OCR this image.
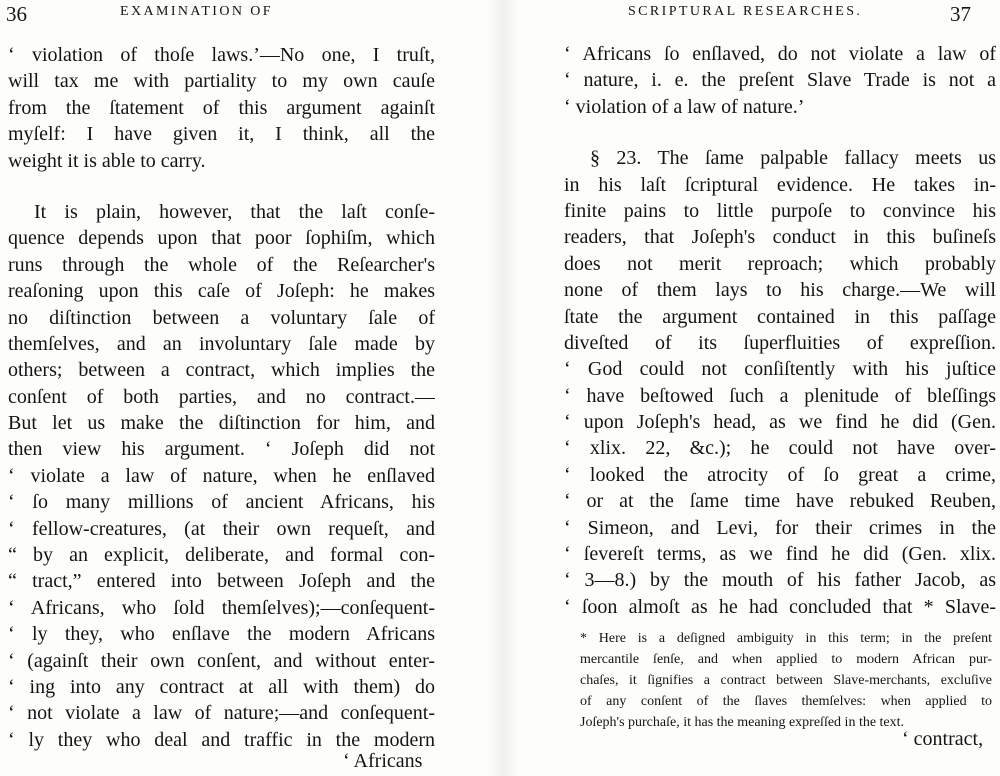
36	EXAMINATION OF
‘ violation of thoſe laws.’—No one, I truſt,
will tax me with partiality to my own cauſe
from the ſtatement of this argument againſt
myſelf: I have given it, I think, all the
weight it is able to carry.
It is plain, however, that the laſt conſe-
quence depends upon that poor ſophiſm, which
runs through the whole of the Reſearcher's
reaſoning upon this caſe of Joſeph: he makes
no diſtinction between a voluntary ſale of
themſelves, and an involuntary ſale made by
others; between a contract, which implies the
conſent of both parties, and no contract.—
But let us make the diſtinction for him, and
then view his argument. ‘ Joſeph did not
‘ violate a law of nature, when he enſlaved
‘ ſo many millions of ancient Africans, his
‘ fellow-creatures, (at their own requeſt, and
“ by an explicit, deliberate, and formal con-
“ tract,” entered into between Joſeph and the
‘ Africans, who ſold themſelves);—conſequent-
‘ ly they, who enſlave the modern Africans
‘ (againſt their own conſent, and without enter-
‘ ing into any contract at all with them) do
‘ not violate a law of nature;—and conſequent-
‘ ly they who deal and traffic in the modern
‘ Africans
SCRIPTURAL RESEARCHES.	37
‘ Africans ſo enſlaved, do not violate a law of
‘ nature, i. e. the preſent Slave Trade is not a
‘ violation of a law of nature.’
§ 23. The ſame palpable fallacy meets us
in his laſt ſcriptural evidence. He takes in-
finite pains to little purpoſe to convince his
readers, that Joſeph's conduct in this buſineſs
does not merit reproach; which probably
none of them lays to his charge.—We will
ſtate the argument contained in this paſſage
diveſted of its ſuperfluities of expreſſion.
‘ God could not conſiſtently with his juſtice
‘ have beſtowed ſuch a plenitude of bleſſings
‘ upon Joſeph's head, as we find he did (Gen.
‘ xlix. 22, &c.); he could not have over-
‘ looked the atrocity of ſo great a crime,
‘ or at the ſame time have rebuked Reuben,
‘ Simeon, and Levi, for their crimes in the
‘ ſevereſt terms, as we find he did (Gen. xlix.
‘ 3—8.) by the mouth of his father Jacob, as
‘ ſoon almoſt as he had concluded that * Slave-
* Here is a deſigned ambiguity in this term; in the preſent
mercantile ſenſe, and when applied to modern African pur-
chaſes, it ſignifies a contract between Slave-merchants, excluſive
of any conſent of the ſlaves themſelves: when applied to
Joſeph's purchaſe, it has the meaning expreſſed in the text.
‘ contract,
